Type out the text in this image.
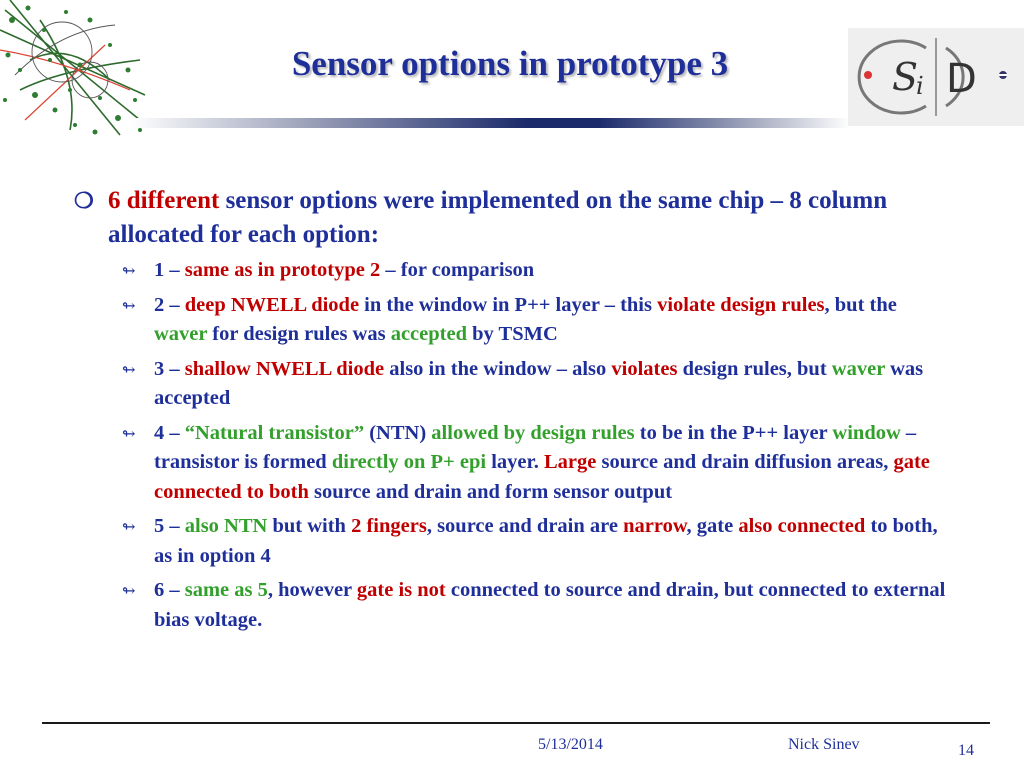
Sensor options in prototype 3	S
i D
❍ 6 different sensor options were implemented on the same chip – 8 column allocated for each option:
↬ 1 – same as in prototype 2 – for comparison
↬ 2 – deep NWELL diode in the window in P++ layer – this violate design rules, but the waver for design rules was accepted by TSMC
↬ 3 – shallow NWELL diode also in the window – also violates design rules, but waver was accepted
↬ 4 – “Natural transistor” (NTN) allowed by design rules to be in the P++ layer window – transistor is formed directly on P+ epi layer. Large source and drain diffusion areas, gate connected to both source and drain and form sensor output
↬ 5 – also NTN but with 2 fingers, source and drain are narrow, gate also connected to both, as in option 4
↬ 6 – same as 5, however gate is not connected to source and drain, but connected to external bias voltage.
5/13/2014	Nick Sinev	14
